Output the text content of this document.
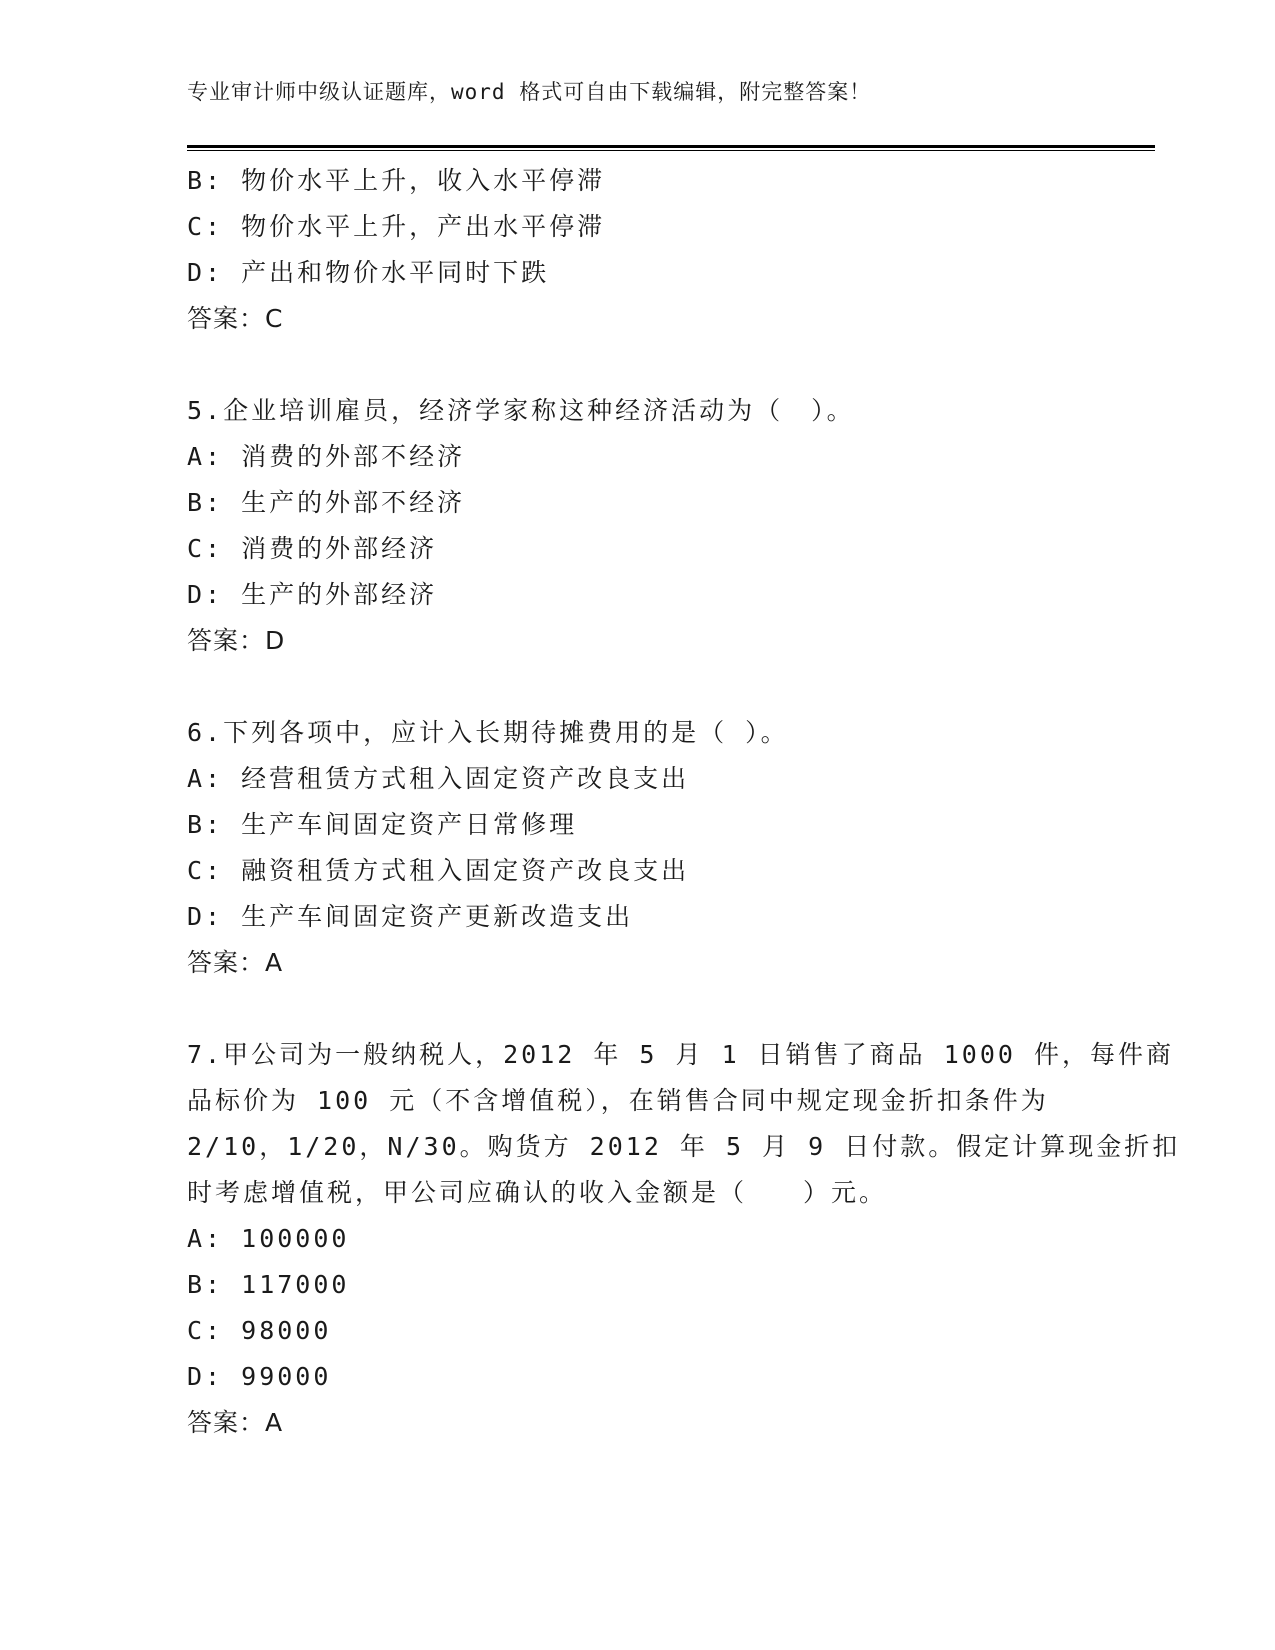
专业审计师中级认证题库，word 格式可自由下载编辑，附完整答案！
B: 物价水平上升，收入水平停滞
C: 物价水平上升，产出水平停滞
D: 产出和物价水平同时下跌
答案：C
5.企业培训雇员，经济学家称这种经济活动为（　）。
A: 消费的外部不经济
B: 生产的外部不经济
C: 消费的外部经济
D: 生产的外部经济
答案：D
6.下列各项中，应计入长期待摊费用的是（ ）。
A: 经营租赁方式租入固定资产改良支出
B: 生产车间固定资产日常修理
C: 融资租赁方式租入固定资产改良支出
D: 生产车间固定资产更新改造支出
答案：A
7.甲公司为一般纳税人，2012 年 5 月 1 日销售了商品 1000 件，每件商
品标价为 100 元（不含增值税），在销售合同中规定现金折扣条件为
2/10，1/20，N/30。购货方 2012 年 5 月 9 日付款。假定计算现金折扣
时考虑增值税，甲公司应确认的收入金额是（　　）元。
A: 100000
B: 117000
C: 98000
D: 99000
答案：A
